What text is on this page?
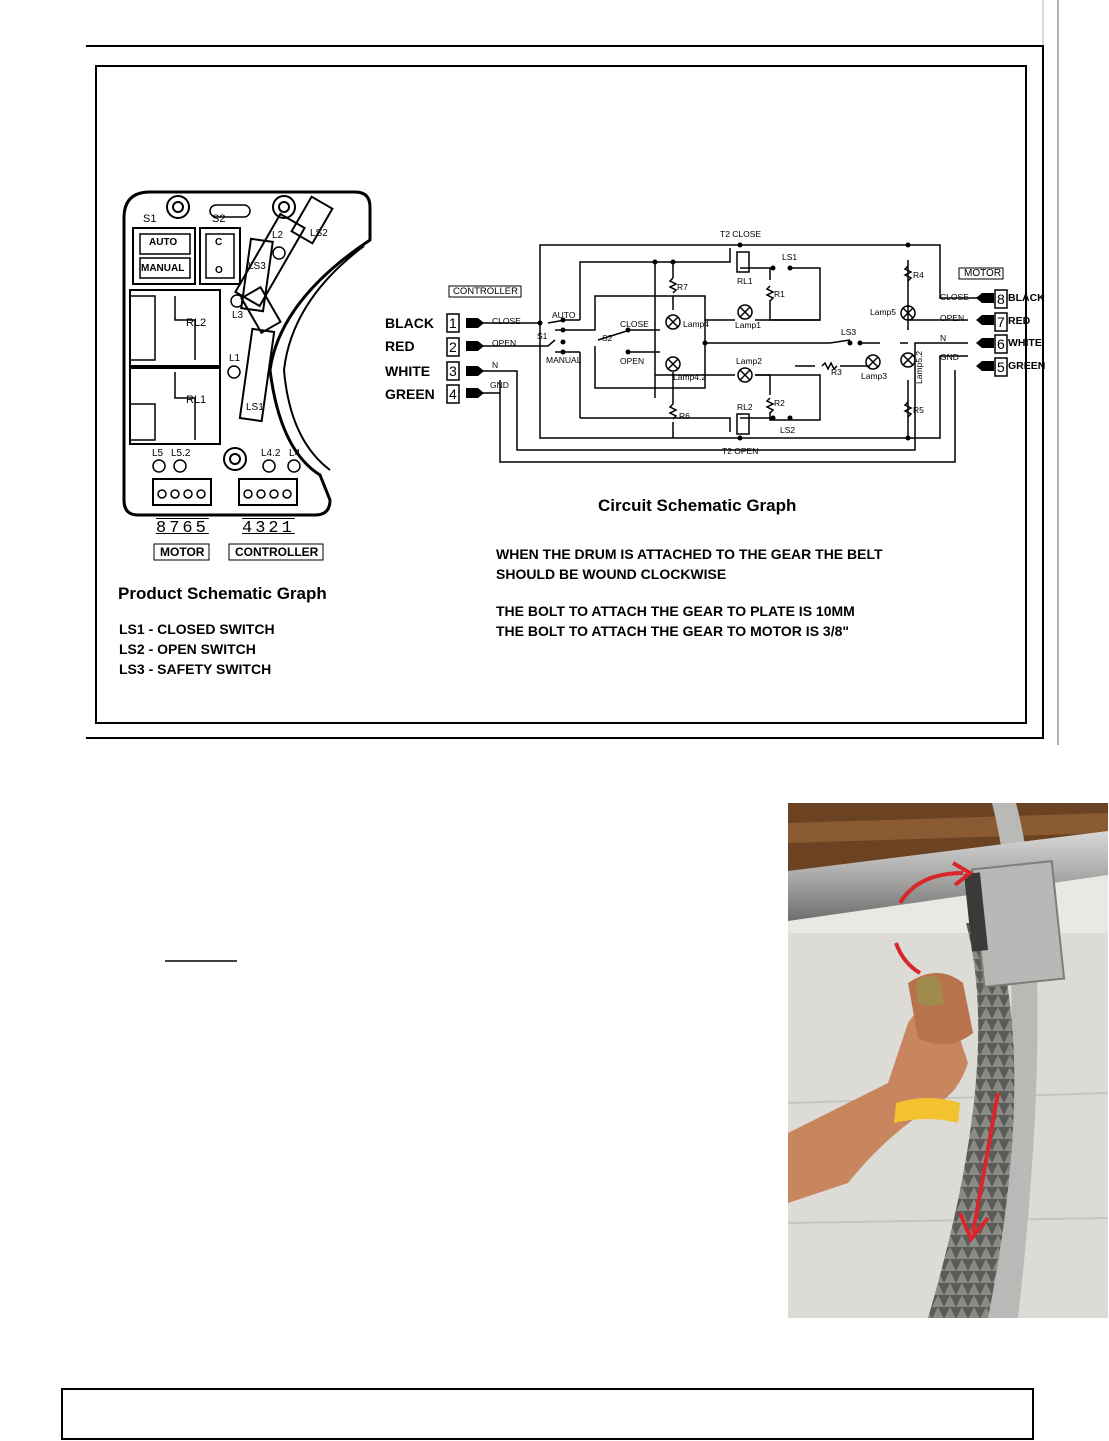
S1	S2
AUTO
MANUAL
C
O
L2	LS2
LS3
L3
L1
LS1
RL2
RL1
L5 L5.2	L4.2 L4
8765 4321
MOTOR	CONTROLLER
Product Schematic Graph
LS1 - CLOSED SWITCH
LS2 - OPEN SWITCH
LS3 - SAFETY SWITCH
CONTROLLER
MOTOR
BLACK
RED
WHITE
GREEN
1
2
3
4
CLOSE
OPEN
N
GND
8
7
6
5
BLACK
RED
WHITE
GREEN
CLOSE
OPEN
N
GND
T2 CLOSE
T2 OPEN
LS1
LS2
LS3
RL1
RL2
R1
R2
R3
R4
R5
R6
R7
AUTO
MANUAL
S1	S2
CLOSE
OPEN
Lamp1
Lamp2
Lamp3
Lamp4
Lamp4.2
Lamp5
Lamp5.2
Circuit Schematic Graph
WHEN THE DRUM IS ATTACHED TO THE GEAR THE BELT
SHOULD BE WOUND CLOCKWISE
THE BOLT TO ATTACH THE GEAR TO PLATE IS 10MM
THE BOLT TO ATTACH THE GEAR TO MOTOR IS 3/8"
